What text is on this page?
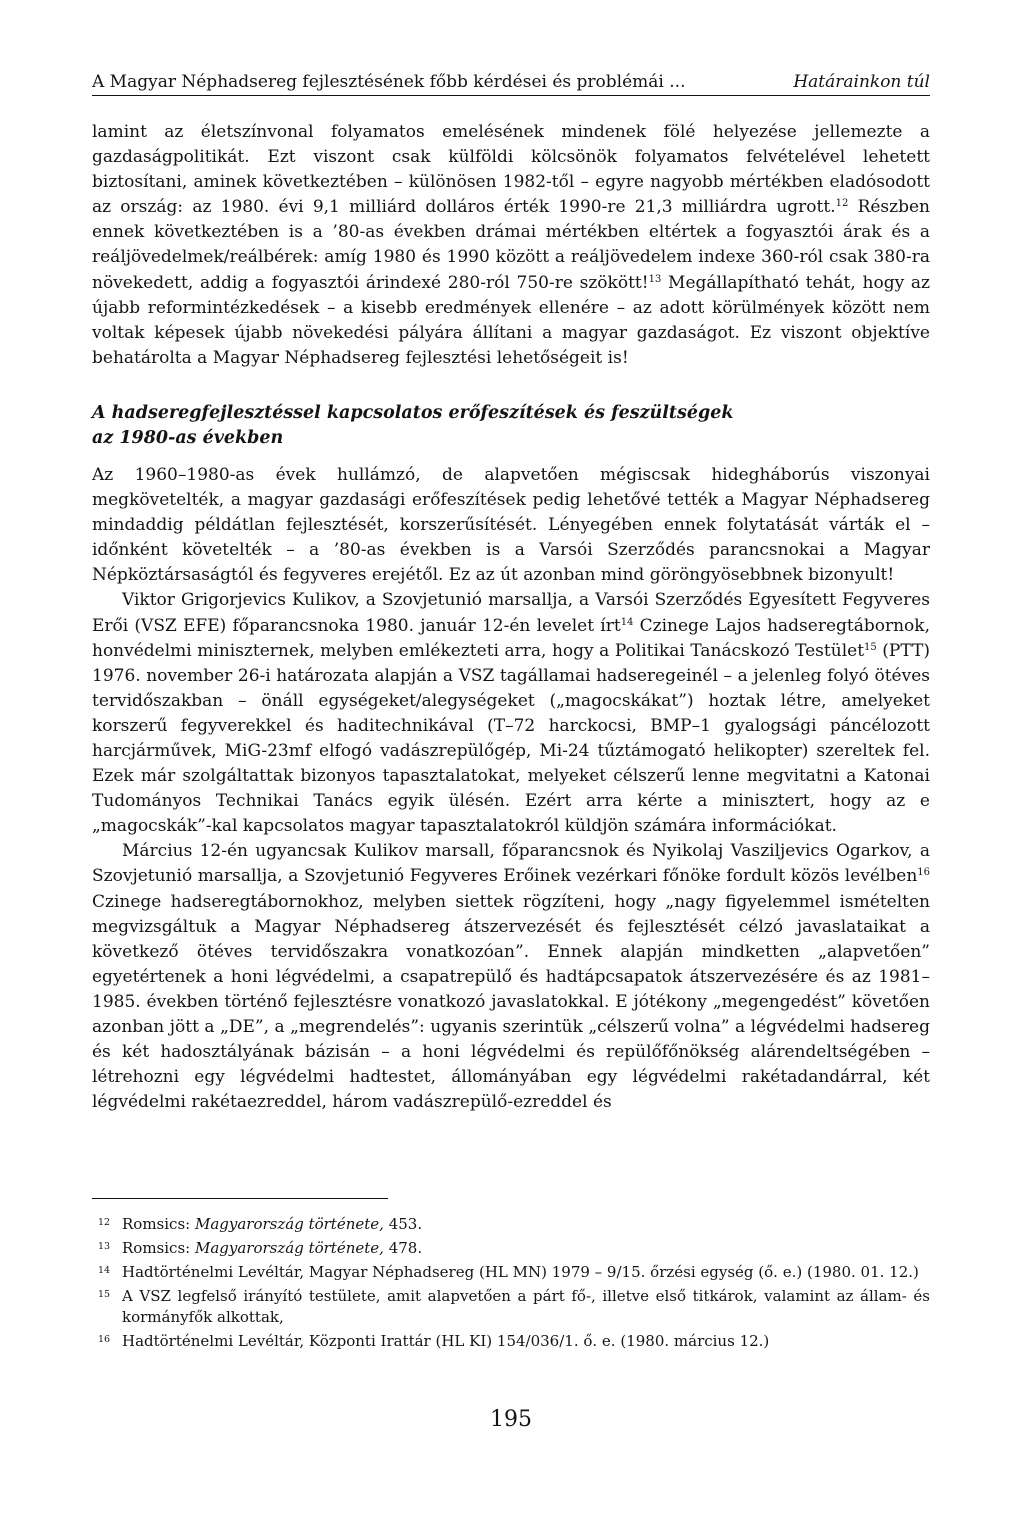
A Magyar Néphadsereg fejlesztésének főbb kérdései és problémái ...	Határainkon túl

lamint az életszínvonal folyamatos emelésének mindenek fölé helyezése jellemezte a gazdaságpolitikát. Ezt viszont csak külföldi kölcsönök folyamatos felvételével lehetett biztosítani, aminek következtében – különösen 1982-től – egyre nagyobb mértékben eladósodott az ország: az 1980. évi 9,1 milliárd dolláros érték 1990-re 21,3 milliárdra ugrott.$^{12}$ Részben ennek következtében is a ’80-as években drámai mértékben eltértek a fogyasztói árak és a reáljövedelmek/reálbérek: amíg 1980 és 1990 között a reáljövedelem indexe 360-ról csak 380-ra növekedett, addig a fogyasztói árindexé 280-ról 750-re szökött!$^{13}$ Megállapítható tehát, hogy az újabb reformintézkedések – a kisebb eredmények ellenére – az adott körülmények között nem voltak képesek újabb növekedési pályára állítani a magyar gazdaságot. Ez viszont objektíve behatárolta a Magyar Néphadsereg fejlesztési lehetőségeit is!

A hadseregfejlesztéssel kapcsolatos erőfeszítések és feszültségek
az 1980-as években

Az 1960–1980-as évek hullámzó, de alapvetően mégiscsak hidegháborús viszonyai megkövetelték, a magyar gazdasági erőfeszítések pedig lehetővé tették a Magyar Néphadsereg mindaddig példátlan fejlesztését, korszerűsítését. Lényegében ennek folytatását várták el – időnként követelték – a ’80-as években is a Varsói Szerződés parancsnokai a Magyar Népköztársaságtól és fegyveres erejétől. Ez az út azonban mind göröngyösebbnek bizonyult!

Viktor Grigorjevics Kulikov, a Szovjetunió marsallja, a Varsói Szerződés Egyesített Fegyveres Erői (VSZ EFE) főparancsnoka 1980. január 12-én levelet írt$^{14}$ Czinege Lajos hadseregtábornok, honvédelmi miniszternek, melyben emlékezteti arra, hogy a Politikai Tanácskozó Testület$^{15}$ (PTT) 1976. november 26-i határozata alapján a VSZ tagállamai hadseregeinél – a jelenleg folyó ötéves tervidőszakban – önáll egységeket/alegységeket („magocskákat”) hoztak létre, amelyeket korszerű fegyverekkel és haditechnikával (T–72 harckocsi, BMP–1 gyalogsági páncélozott harcjárművek, MiG-23mf elfogó vadászrepülőgép, Mi-24 tűztámogató helikopter) szereltek fel. Ezek már szolgáltattak bizonyos tapasztalatokat, melyeket célszerű lenne megvitatni a Katonai Tudományos Technikai Tanács egyik ülésén. Ezért arra kérte a minisztert, hogy az e „magocskák”-kal kapcsolatos magyar tapasztalatokról küldjön számára információkat.

Március 12-én ugyancsak Kulikov marsall, főparancsnok és Nyikolaj Vasziljevics Ogarkov, a Szovjetunió marsallja, a Szovjetunió Fegyveres Erőinek vezérkari főnöke fordult közös levélben$^{16}$ Czinege hadseregtábornokhoz, melyben siettek rögzíteni, hogy „nagy figyelemmel ismételten megvizsgáltuk a Magyar Néphadsereg átszervezését és fejlesztését célzó javaslataikat a következő ötéves tervidőszakra vonatkozóan”. Ennek alapján mindketten „alapvetően” egyetértenek a honi légvédelmi, a csapatrepülő és hadtápcsapatok átszervezésére és az 1981–1985. években történő fejlesztésre vonatkozó javaslatokkal. E jótékony „megengedést” követően azonban jött a „DE”, a „megrendelés”: ugyanis szerintük „célszerű volna” a légvédelmi hadsereg és két hadosztályának bázisán – a honi légvédelmi és repülőfőnökség alárendeltségében – létrehozni egy légvédelmi hadtestet, állományában egy légvédelmi rakétadandárral, két légvédelmi rakétaezreddel, három vadászrepülő-ezreddel és

12 Romsics: Magyarország története, 453.
13 Romsics: Magyarország története, 478.
14 Hadtörténelmi Levéltár, Magyar Néphadsereg (HL MN) 1979 – 9/15. őrzési egység (ő. e.) (1980. 01. 12.)
15 A VSZ legfelső irányító testülete, amit alapvetően a párt fő-, illetve első titkárok, valamint az állam- és kormányfők alkottak,
16 Hadtörténelmi Levéltár, Központi Irattár (HL KI) 154/036/1. ő. e. (1980. március 12.)
195
